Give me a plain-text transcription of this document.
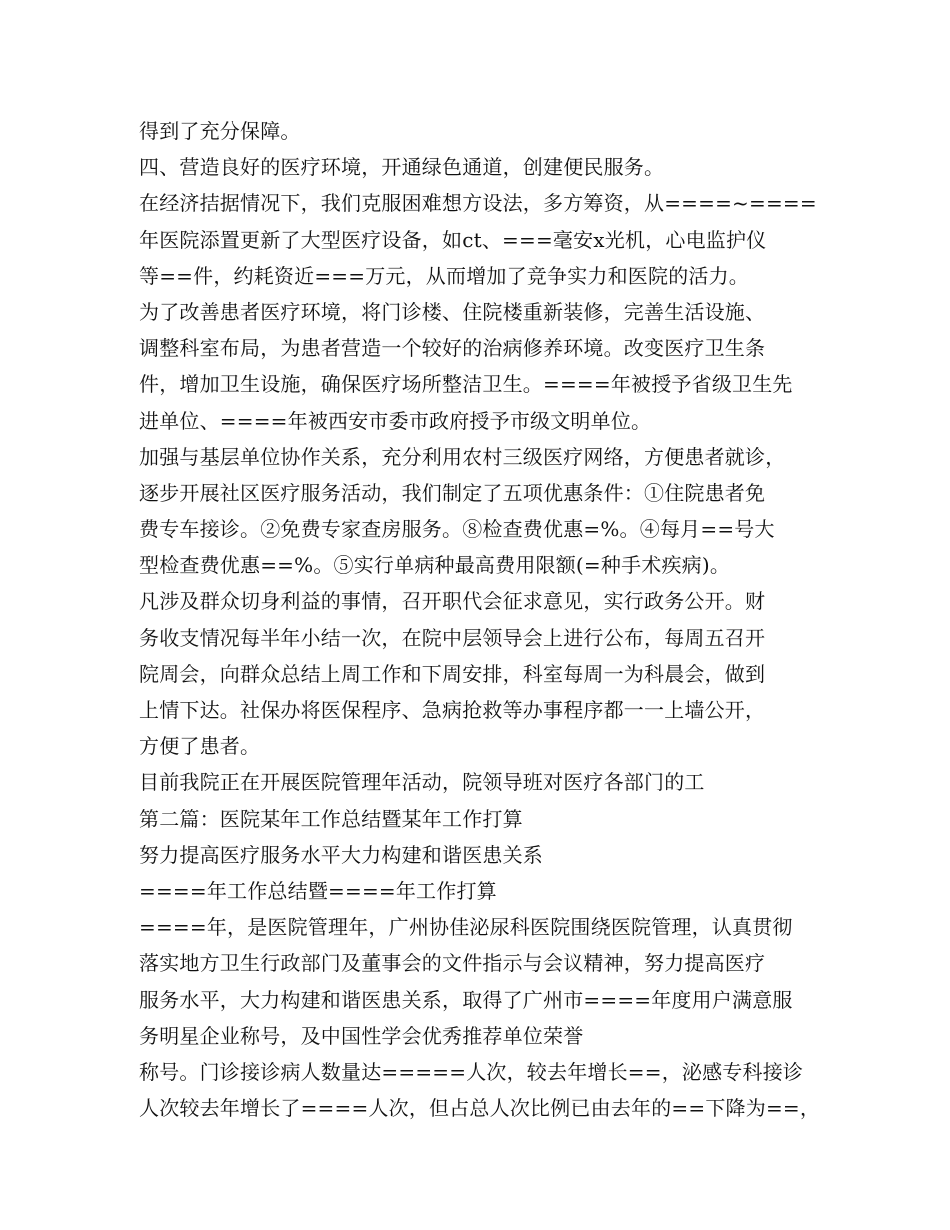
得到了充分保障。
四、营造良好的医疗环境，开通绿色通道，创建便民服务。
在经济拮据情况下，我们克服困难想方设法，多方筹资，从====~====
年医院添置更新了大型医疗设备，如ct、===毫安x光机，心电监护仪
等==件，约耗资近===万元，从而增加了竞争实力和医院的活力。
为了改善患者医疗环境，将门诊楼、住院楼重新装修，完善生活设施、
调整科室布局，为患者营造一个较好的治病修养环境。改变医疗卫生条
件，增加卫生设施，确保医疗场所整洁卫生。====年被授予省级卫生先
进单位、====年被西安市委市政府授予市级文明单位。
加强与基层单位协作关系，充分利用农村三级医疗网络，方便患者就诊，
逐步开展社区医疗服务活动，我们制定了五项优惠条件：①住院患者免
费专车接诊。②免费专家查房服务。⑧检查费优惠=%。④每月==号大
型检查费优惠==%。⑤实行单病种最高费用限额(=种手术疾病)。
凡涉及群众切身利益的事情，召开职代会征求意见，实行政务公开。财
务收支情况每半年小结一次，在院中层领导会上进行公布，每周五召开
院周会，向群众总结上周工作和下周安排，科室每周一为科晨会，做到
上情下达。社保办将医保程序、急病抢救等办事程序都一一上墙公开，
方便了患者。
目前我院正在开展医院管理年活动，院领导班对医疗各部门的工
第二篇：医院某年工作总结暨某年工作打算
努力提高医疗服务水平大力构建和谐医患关系
====年工作总结暨====年工作打算
====年，是医院管理年，广州协佳泌尿科医院围绕医院管理，认真贯彻
落实地方卫生行政部门及董事会的文件指示与会议精神，努力提高医疗
服务水平，大力构建和谐医患关系，取得了广州市====年度用户满意服
务明星企业称号，及中国性学会优秀推荐单位荣誉
称号。门诊接诊病人数量达=====人次，较去年增长==，泌感专科接诊
人次较去年增长了====人次，但占总人次比例已由去年的==下降为==，
